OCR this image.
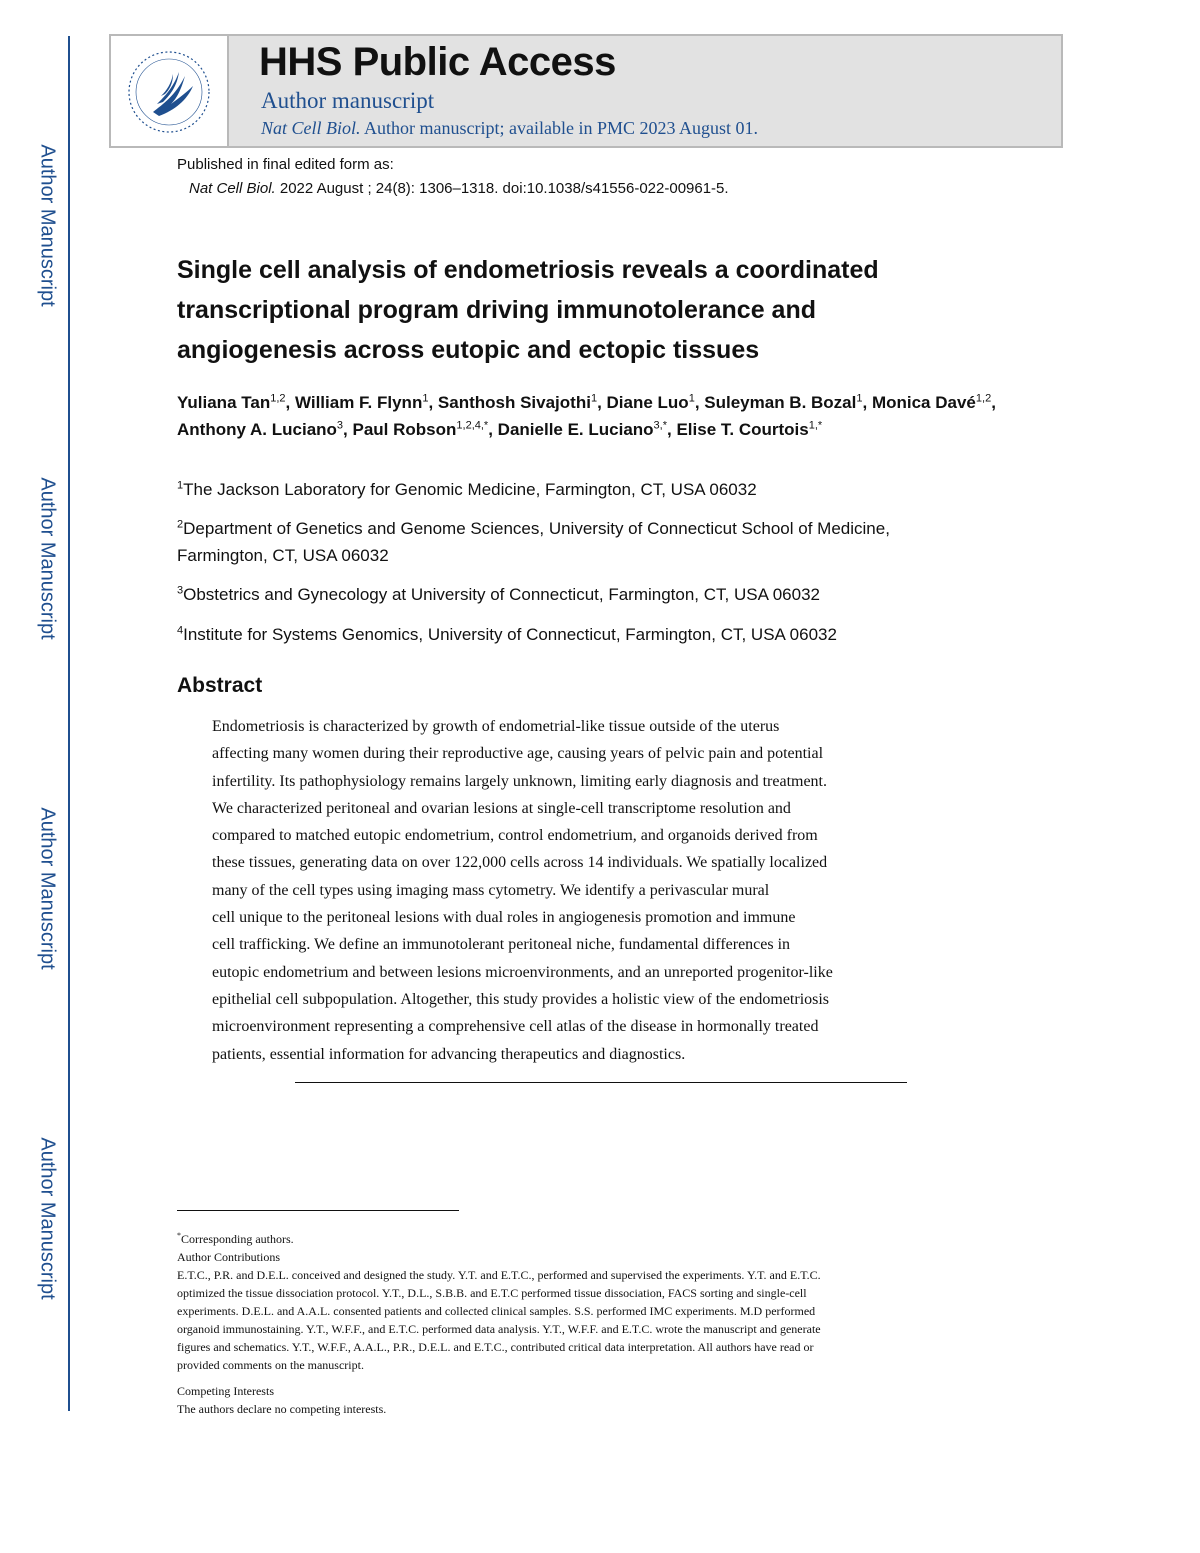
Author Manuscript
Author Manuscript
Author Manuscript
Author Manuscript
HHS Public Access
Author manuscript
Nat Cell Biol. Author manuscript; available in PMC 2023 August 01.
Published in final edited form as:
Nat Cell Biol. 2022 August ; 24(8): 1306–1318. doi:10.1038/s41556-022-00961-5.
Single cell analysis of endometriosis reveals a coordinated
transcriptional program driving immunotolerance and
angiogenesis across eutopic and ectopic tissues
Yuliana Tan$^{1,2}$, William F. Flynn$^1$, Santhosh Sivajothi$^1$, Diane Luo$^1$, Suleyman B. Bozal$^1$, Monica Davé$^{1,2}$, Anthony A. Luciano$^3$, Paul Robson$^{1,2,4,*}$, Danielle E. Luciano$^{3,*}$, Elise T. Courtois$^{1,*}$
$^1$The Jackson Laboratory for Genomic Medicine, Farmington, CT, USA 06032
$^2$Department of Genetics and Genome Sciences, University of Connecticut School of Medicine,
Farmington, CT, USA 06032
$^3$Obstetrics and Gynecology at University of Connecticut, Farmington, CT, USA 06032
$^4$Institute for Systems Genomics, University of Connecticut, Farmington, CT, USA 06032
Abstract
Endometriosis is characterized by growth of endometrial-like tissue outside of the uterus
affecting many women during their reproductive age, causing years of pelvic pain and potential
infertility. Its pathophysiology remains largely unknown, limiting early diagnosis and treatment.
We characterized peritoneal and ovarian lesions at single-cell transcriptome resolution and
compared to matched eutopic endometrium, control endometrium, and organoids derived from
these tissues, generating data on over 122,000 cells across 14 individuals. We spatially localized
many of the cell types using imaging mass cytometry. We identify a perivascular mural
cell unique to the peritoneal lesions with dual roles in angiogenesis promotion and immune
cell trafficking. We define an immunotolerant peritoneal niche, fundamental differences in
eutopic endometrium and between lesions microenvironments, and an unreported progenitor-like
epithelial cell subpopulation. Altogether, this study provides a holistic view of the endometriosis
microenvironment representing a comprehensive cell atlas of the disease in hormonally treated
patients, essential information for advancing therapeutics and diagnostics.
*Corresponding authors.
Author Contributions
E.T.C., P.R. and D.E.L. conceived and designed the study. Y.T. and E.T.C., performed and supervised the experiments. Y.T. and E.T.C.
optimized the tissue dissociation protocol. Y.T., D.L., S.B.B. and E.T.C performed tissue dissociation, FACS sorting and single-cell
experiments. D.E.L. and A.A.L. consented patients and collected clinical samples. S.S. performed IMC experiments. M.D performed
organoid immunostaining. Y.T., W.F.F., and E.T.C. performed data analysis. Y.T., W.F.F. and E.T.C. wrote the manuscript and generate
figures and schematics. Y.T., W.F.F., A.A.L., P.R., D.E.L. and E.T.C., contributed critical data interpretation. All authors have read or
provided comments on the manuscript.
Competing Interests
The authors declare no competing interests.
